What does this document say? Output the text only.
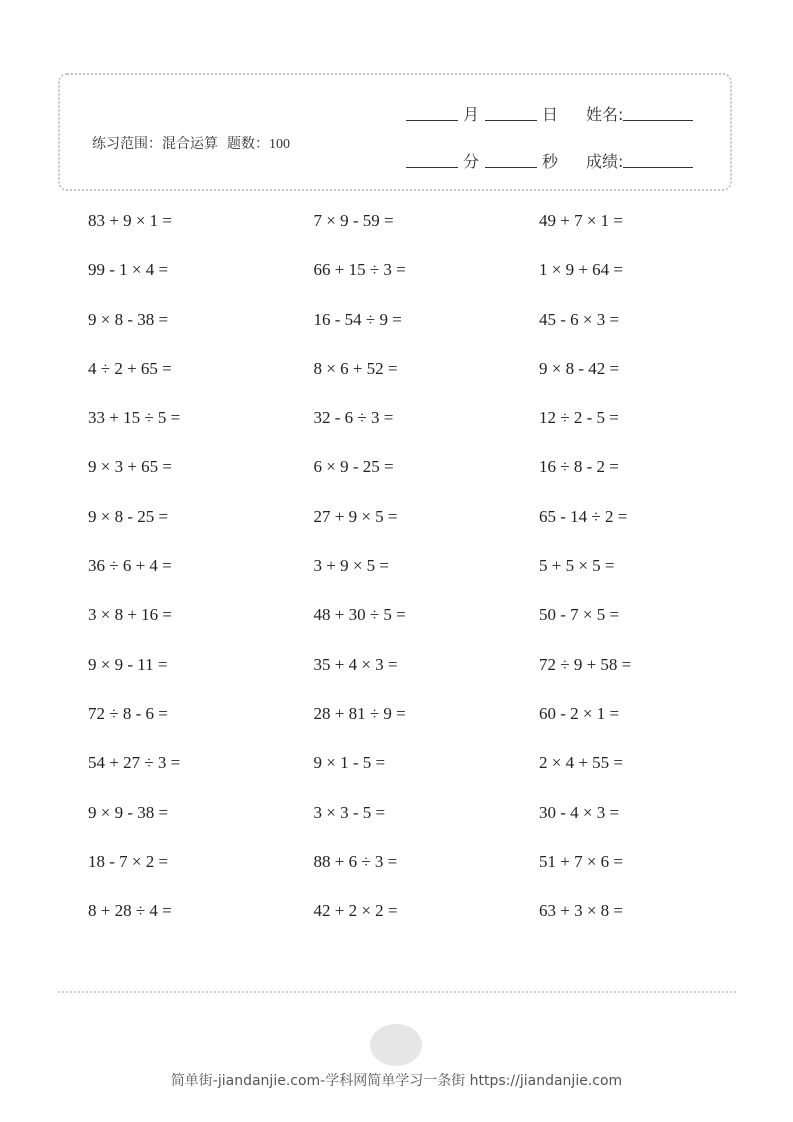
练习范围：混合运算 题数：100
月	日 姓名:
分	秒 成绩:
83 + 9 × 1 =	7 × 9 - 59 =	49 + 7 × 1 =
99 - 1 × 4 =	66 + 15 ÷ 3 =	1 × 9 + 64 =
9 × 8 - 38 =	16 - 54 ÷ 9 =	45 - 6 × 3 =
4 ÷ 2 + 65 =	8 × 6 + 52 =	9 × 8 - 42 =
33 + 15 ÷ 5 =	32 - 6 ÷ 3 =	12 ÷ 2 - 5 =
9 × 3 + 65 =	6 × 9 - 25 =	16 ÷ 8 - 2 =
9 × 8 - 25 =	27 + 9 × 5 =	65 - 14 ÷ 2 =
36 ÷ 6 + 4 =	3 + 9 × 5 =	5 + 5 × 5 =
3 × 8 + 16 =	48 + 30 ÷ 5 =	50 - 7 × 5 =
9 × 9 - 11 =	35 + 4 × 3 =	72 ÷ 9 + 58 =
72 ÷ 8 - 6 =	28 + 81 ÷ 9 =	60 - 2 × 1 =
54 + 27 ÷ 3 =	9 × 1 - 5 =	2 × 4 + 55 =
9 × 9 - 38 =	3 × 3 - 5 =	30 - 4 × 3 =
18 - 7 × 2 =	88 + 6 ÷ 3 =	51 + 7 × 6 =
8 + 28 ÷ 4 =	42 + 2 × 2 =	63 + 3 × 8 =
简单街-jiandanjie.com-学科网简单学习一条街 https://jiandanjie.com
